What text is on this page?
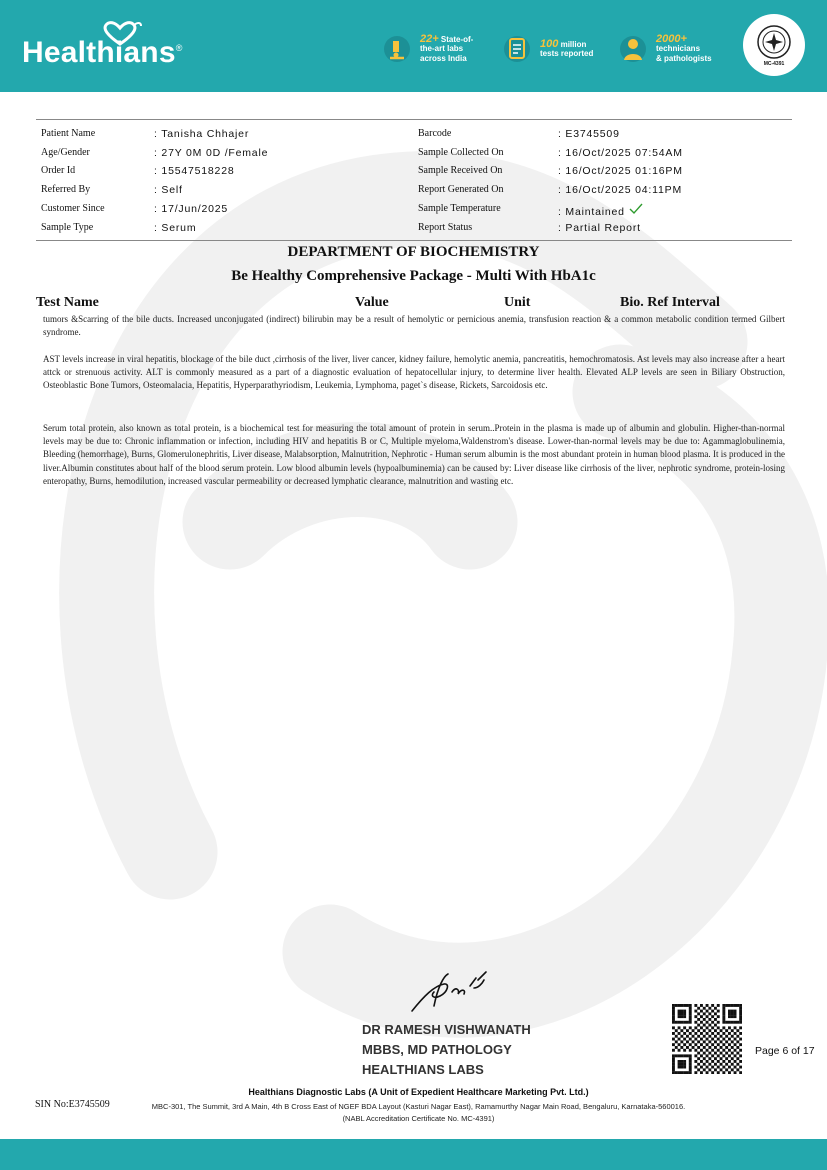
Healthians®
22+ State-of-
the-art labs
across India
100 million
tests reported
2000+
technicians
& pathologists
MC-4391
Patient Name	: Tanisha Chhajer
Age/Gender	: 27Y 0M 0D /Female
Order Id	: 15547518228
Referred By	: Self
Customer Since	: 17/Jun/2025
Sample Type	: Serum
Barcode	: E3745509
Sample Collected On	: 16/Oct/2025 07:54AM
Sample Received On	: 16/Oct/2025 01:16PM
Report Generated On	: 16/Oct/2025 04:11PM
Sample Temperature	: Maintained
Report Status	: Partial Report
DEPARTMENT OF BIOCHEMISTRY
Be Healthy Comprehensive Package - Multi With HbA1c
Test Name	Value	Unit	Bio. Ref Interval
tumors &Scarring of the bile ducts. Increased unconjugated (indirect) bilirubin may be a result of hemolytic or pernicious anemia, transfusion reaction & a common metabolic condition termed Gilbert syndrome.
AST levels increase in viral hepatitis, blockage of the bile duct ,cirrhosis of the liver, liver cancer, kidney failure, hemolytic anemia, pancreatitis, hemochromatosis. Ast levels may also increase after a heart attck or strenuous activity. ALT is commonly measured as a part of a diagnostic evaluation of hepatocellular injury, to determine liver health. Elevated ALP levels are seen in Biliary Obstruction, Osteoblastic Bone Tumors, Osteomalacia, Hepatitis, Hyperparathyriodism, Leukemia, Lymphoma, paget`s disease, Rickets, Sarcoidosis etc.
Serum total protein, also known as total protein, is a biochemical test for measuring the total amount of protein in serum..Protein in the plasma is made up of albumin and globulin. Higher-than-normal levels may be due to: Chronic inflammation or infection, including HIV and hepatitis B or C, Multiple myeloma,Waldenstrom's disease. Lower-than-normal levels may be due to: Agammaglobulinemia, Bleeding (hemorrhage), Burns, Glomerulonephritis, Liver disease, Malabsorption, Malnutrition, Nephrotic - Human serum albumin is the most abundant protein in human blood plasma. It is produced in the liver.Albumin constitutes about half of the blood serum protein. Low blood albumin levels (hypoalbuminemia) can be caused by: Liver disease like cirrhosis of the liver, nephrotic syndrome, protein-losing enteropathy, Burns, hemodilution, increased vascular permeability or decreased lymphatic clearance, malnutrition and wasting etc.
DR RAMESH VISHWANATH
MBBS, MD PATHOLOGY
HEALTHIANS LABS
Page 6 of 17
SIN No:E3745509
Healthians Diagnostic Labs (A Unit of Expedient Healthcare Marketing Pvt. Ltd.)
MBC-301, The Summit, 3rd A Main, 4th B Cross East of NGEF BDA Layout (Kasturi Nagar East), Ramamurthy Nagar Main Road, Bengaluru, Karnataka-560016.
(NABL Accreditation Certificate No. MC-4391)
